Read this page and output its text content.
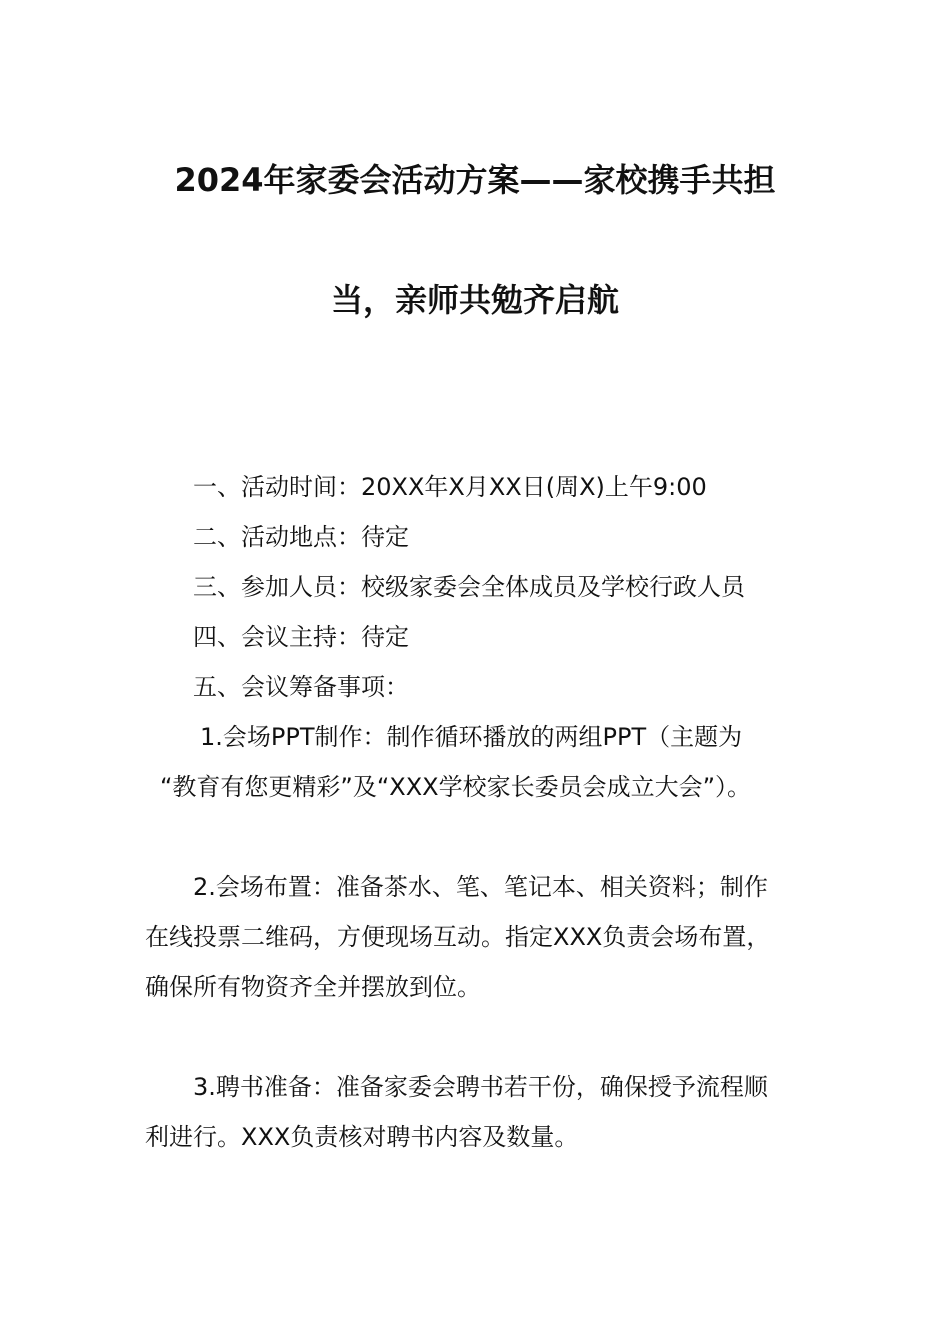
2024年家委会活动方案——家校携手共担
当，亲师共勉齐启航
一、活动时间：20XX年X月XX日(周X)上午9:00
二、活动地点：待定
三、参加人员：校级家委会全体成员及学校行政人员
四、会议主持：待定
五、会议筹备事项：
1.会场PPT制作：制作循环播放的两组PPT（主题为
“教育有您更精彩”及“XXX学校家长委员会成立大会”）。
2.会场布置：准备茶水、笔、笔记本、相关资料；制作
在线投票二维码，方便现场互动。指定XXX负责会场布置，
确保所有物资齐全并摆放到位。
3.聘书准备：准备家委会聘书若干份，确保授予流程顺
利进行。XXX负责核对聘书内容及数量。
